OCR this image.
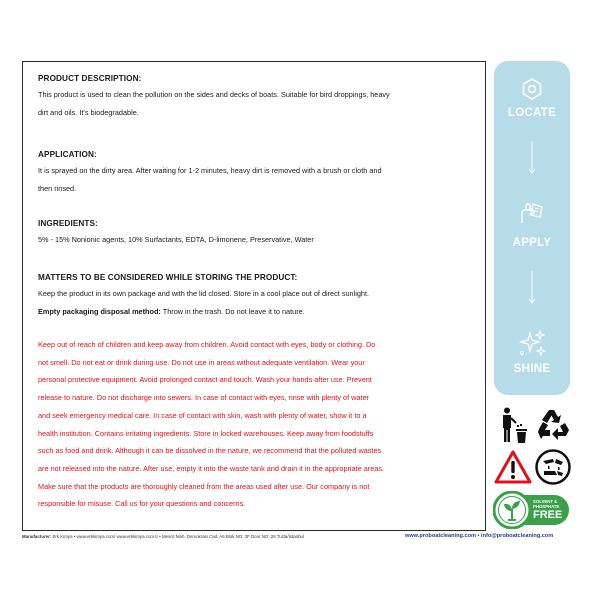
PRODUCT DESCRIPTION:

This product is used to clean the pollution on the sides and decks of boats. Suitable for bird droppings, heavy

dirt and oils. It's biodegradable.

APPLICATION:

It is sprayed on the dirty area. After waiting for 1-2 minutes, heavy dirt is removed with a brush or cloth and

then rinsed.

INGREDIENTS:

5% - 15% Nonionic agents, 10% Surfactants, EDTA, D-limonene, Preservative, Water

MATTERS TO BE CONSIDERED WHILE STORING THE PRODUCT:

Keep the product in its own package and with the lid closed. Store in a cool place out of direct sunlight.

Empty packaging disposal method: Throw in the trash. Do not leave it to nature.

Keep out of reach of children and keep away from children. Avoid contact with eyes, body or clothing. Do
not smell. Do not eat or drink during use. Do not use in areas without adequate ventilation. Wear your
personal protective equipment. Avoid prolonged contact and touch. Wash your hands after use. Prevent
release to nature. Do not discharge into sewers. In case of contact with eyes, rinse with plenty of water
and seek emergency medical care. In case of contact with skin, wash with plenty of water, show it to a
health institution. Contains irritating ingredients. Store in locked warehouses. Keep away from foodstuffs
such as food and drink. Although it can be dissolved in the nature, we recommend that the polluted wastes
are not released into the nature. After use, empty it into the waste tank and drain it in the appropriate areas.
Make sure that the products are thoroughly cleaned from the areas used after use. Our company is not
responsible for misuse. Call us for your questions and concerns.
LOCATE
APPLY
SHINE
SOLVENT &
PHOSPHATE
FREE
Manufacturer: Erk Kimya • www.erkkimya.com/ www.erkkimya.com.tr • Mescit Mah. Demokrasi Cad. A6 Blok NO: 3F Door NO: 28 Tuzla/İstanbul	www.proboatcleaning.com • info@proboatcleaning.com
